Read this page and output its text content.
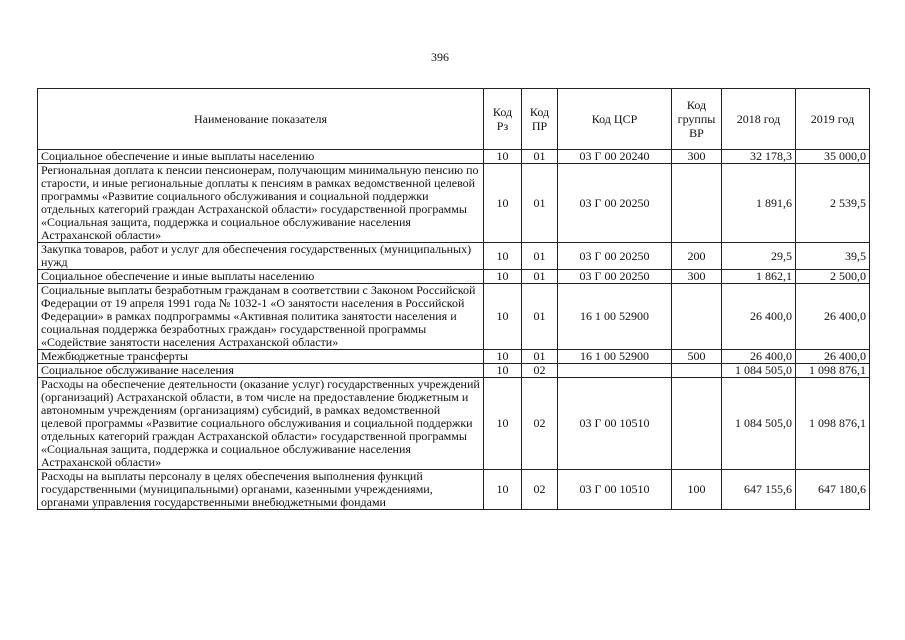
396
Наименование показателя	Код Рз	Код ПР	Код ЦСР	Код группы ВР	2018 год	2019 год
Социальное обеспечение и иные выплаты населению	10	01	03 Г 00 20240	300	32 178,3	35 000,0
Региональная доплата к пенсии пенсионерам, получающим минимальную пенсию по старости, и иные региональные доплаты к пенсиям в рамках ведомственной целевой программы «Развитие социального обслуживания и социальной поддержки отдельных категорий граждан Астраханской области» государственной программы «Социальная защита, поддержка и социальное обслуживание населения Астраханской области»	10	01	03 Г 00 20250		1 891,6	2 539,5
Закупка товаров, работ и услуг для обеспечения государственных (муниципальных) нужд	10	01	03 Г 00 20250	200	29,5	39,5
Социальное обеспечение и иные выплаты населению	10	01	03 Г 00 20250	300	1 862,1	2 500,0
Социальные выплаты безработным гражданам в соответствии с Законом Российской Федерации от 19 апреля 1991 года № 1032-1 «О занятости населения в Российской Федерации» в рамках подпрограммы «Активная политика занятости населения и социальная поддержка безработных граждан» государственной программы «Содействие занятости населения Астраханской области»	10	01	16 1 00 52900		26 400,0	26 400,0
Межбюджетные трансферты	10	01	16 1 00 52900	500	26 400,0	26 400,0
Социальное обслуживание населения	10	02			1 084 505,0	1 098 876,1
Расходы на обеспечение деятельности (оказание услуг) государственных учреждений (организаций) Астраханской области, в том числе на предоставление бюджетным и автономным учреждениям (организациям) субсидий, в рамках ведомственной целевой программы «Развитие социального обслуживания и социальной поддержки отдельных категорий граждан Астраханской области» государственной программы «Социальная защита, поддержка и социальное обслуживание населения Астраханской области»	10	02	03 Г 00 10510		1 084 505,0	1 098 876,1
Расходы на выплаты персоналу в целях обеспечения выполнения функций государственными (муниципальными) органами, казенными учреждениями, органами управления государственными внебюджетными фондами	10	02	03 Г 00 10510	100	647 155,6	647 180,6
